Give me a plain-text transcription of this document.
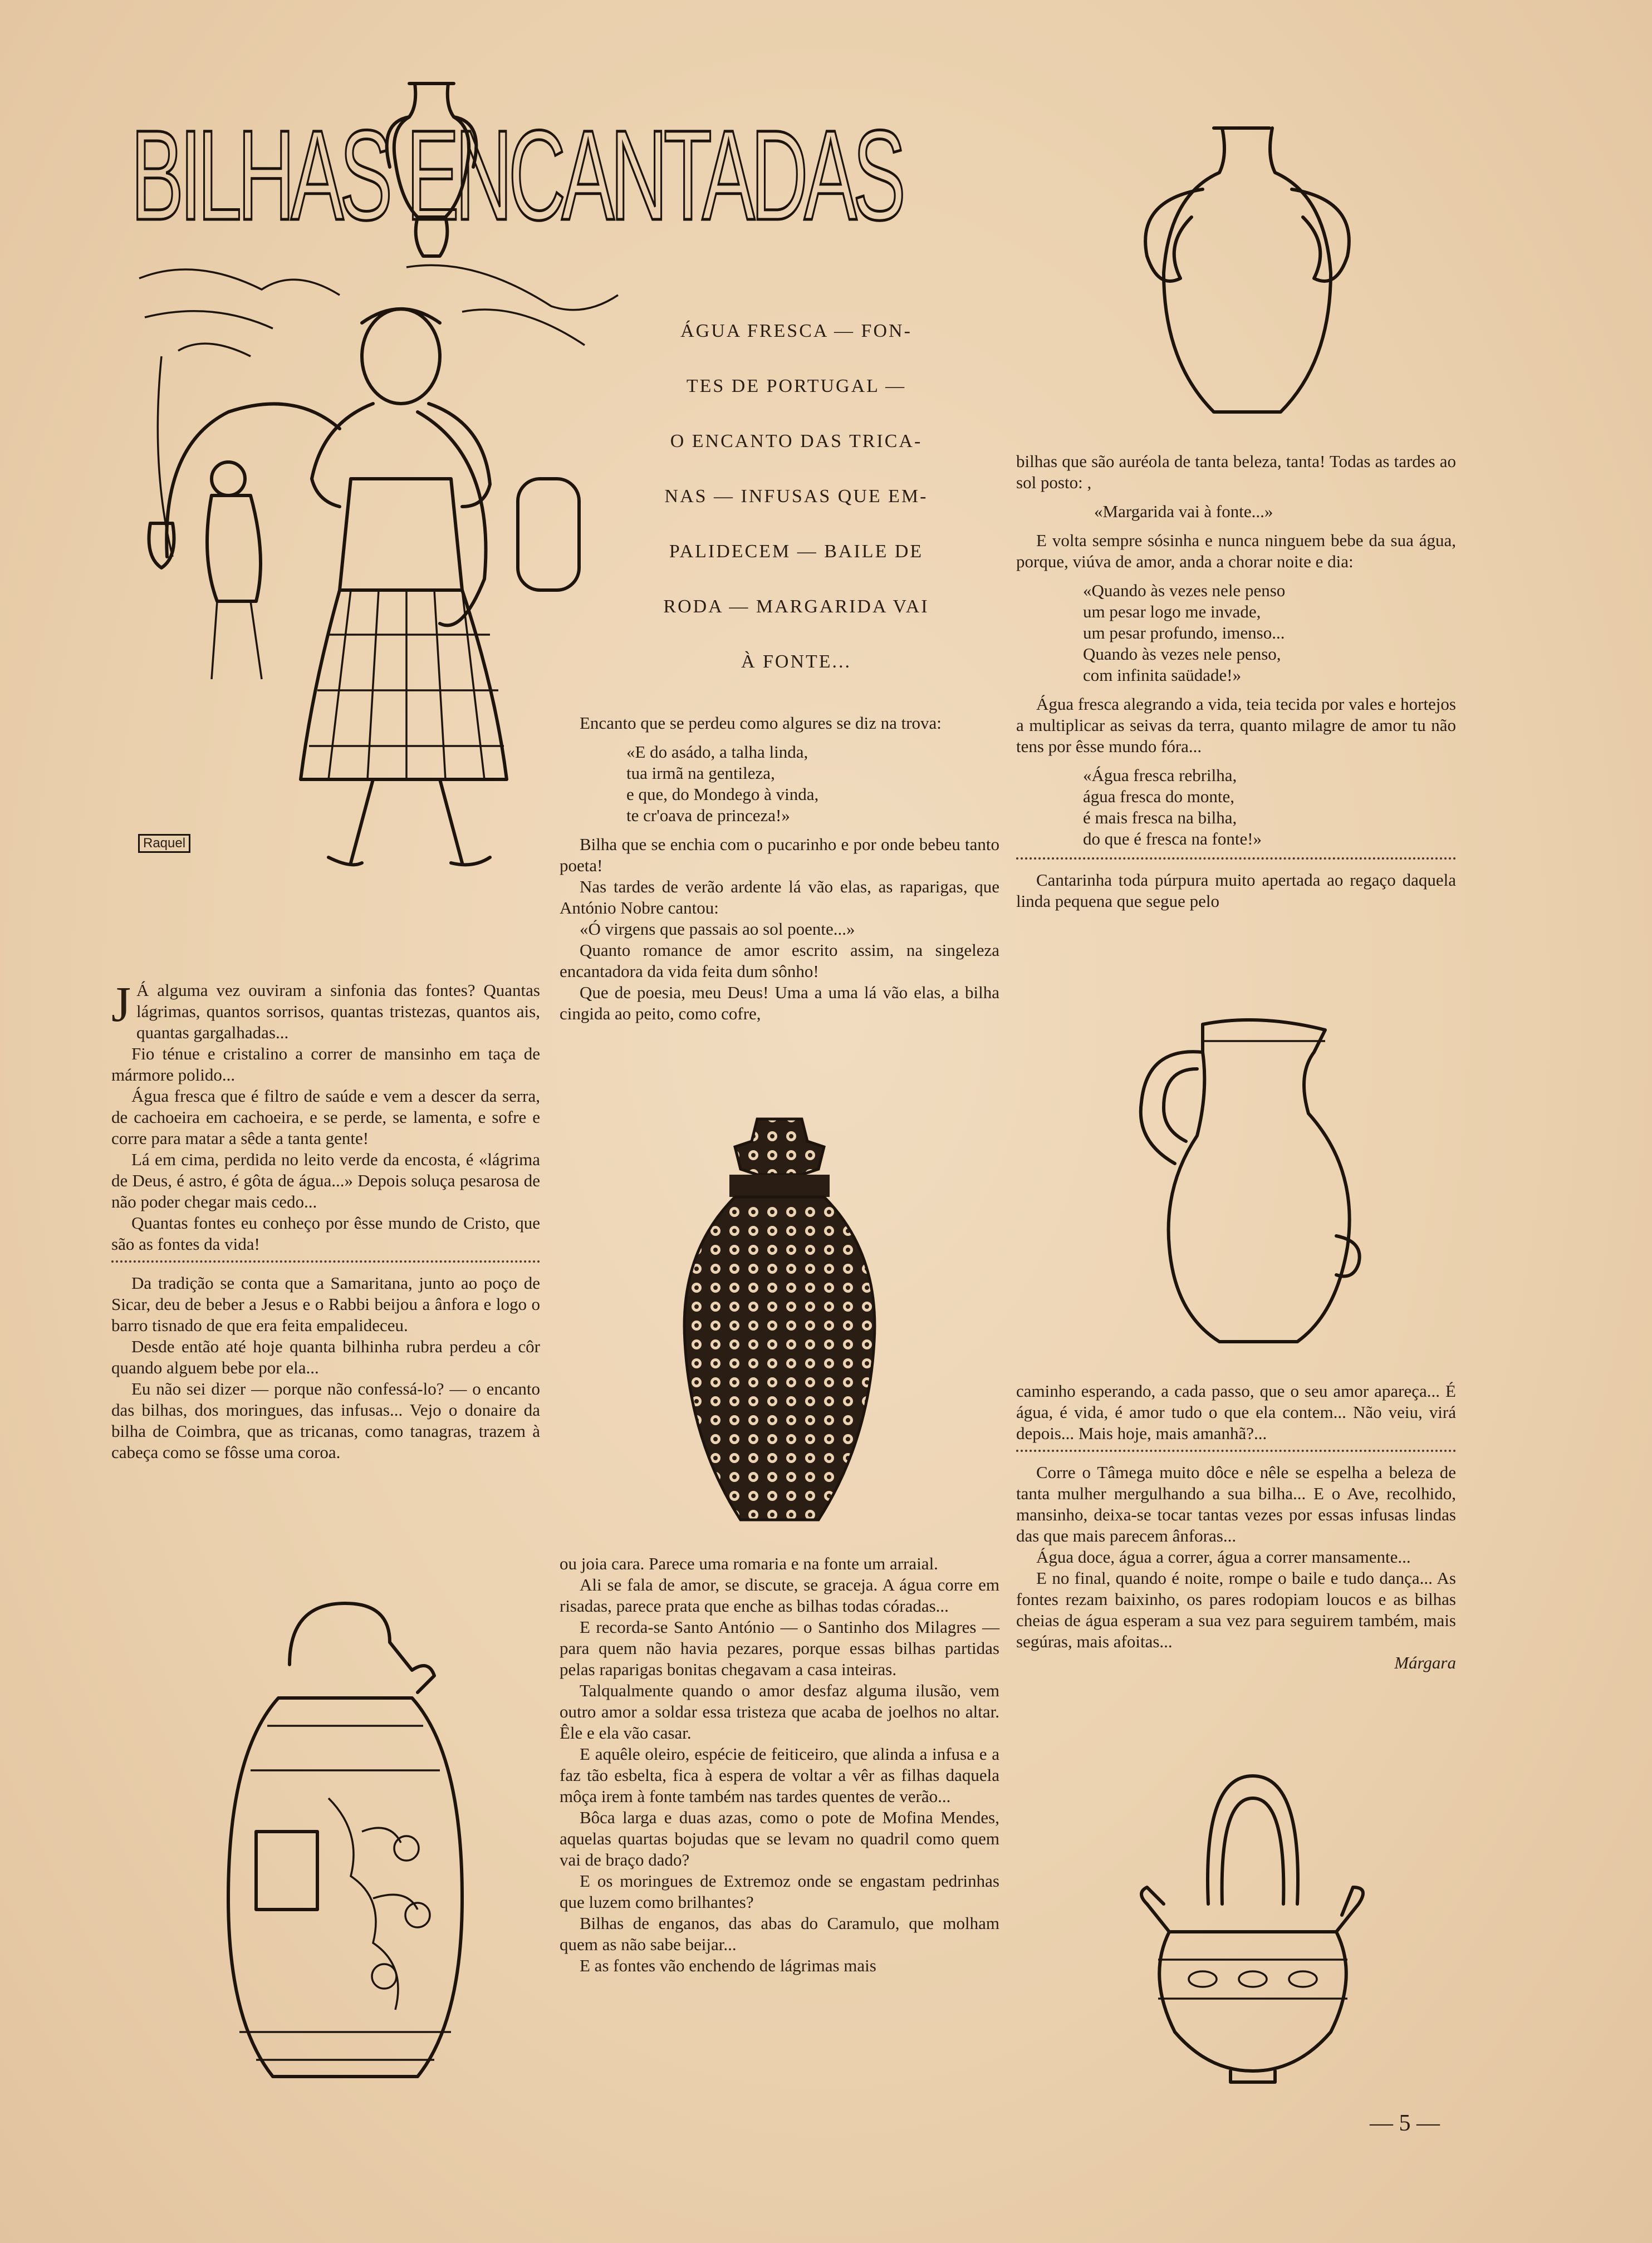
BILHAS ENCANTADAS
Raquel
ÁGUA FRESCA — FON-
TES DE PORTUGAL —
O ENCANTO DAS TRICA-
NAS — INFUSAS QUE EM-
PALIDECEM — BAILE DE
RODA — MARGARIDA VAI
À FONTE...

J Á alguma vez ouviram a sinfonia das fontes? Quantas lágrimas, quantos sorrisos, quantas tristezas, quantos ais, quantas gargalhadas...

Fio ténue e cristalino a correr de mansinho em taça de mármore polido...

Água fresca que é filtro de saúde e vem a descer da serra, de cachoeira em cachoeira, e se perde, se lamenta, e sofre e corre para matar a sêde a tanta gente!

Lá em cima, perdida no leito verde da encosta, é «lágrima de Deus, é astro, é gôta de água...» Depois soluça pesarosa de não poder chegar mais cedo...

Quantas fontes eu conheço por êsse mundo de Cristo, que são as fontes da vida!

Da tradição se conta que a Samaritana, junto ao poço de Sicar, deu de beber a Jesus e o Rabbi beijou a ânfora e logo o barro tisnado de que era feita empalideceu.

Desde então até hoje quanta bilhinha rubra perdeu a côr quando alguem bebe por ela...

Eu não sei dizer — porque não confessá-lo? — o encanto das bilhas, dos moringues, das infusas... Vejo o donaire da bilha de Coimbra, que as tricanas, como tanagras, trazem à cabeça como se fôsse uma coroa.

Encanto que se perdeu como algures se diz na trova:

«E do asádo, a talha linda,
tua irmã na gentileza,
e que, do Mondego à vinda,
te cr'oava de princeza!»

Bilha que se enchia com o pucarinho e por onde bebeu tanto poeta!

Nas tardes de verão ardente lá vão elas, as raparigas, que António Nobre cantou:

«Ó virgens que passais ao sol poente...»

Quanto romance de amor escrito assim, na singeleza encantadora da vida feita dum sônho!

Que de poesia, meu Deus! Uma a uma lá vão elas, a bilha cingida ao peito, como cofre,

ou joia cara. Parece uma romaria e na fonte um arraial.

Ali se fala de amor, se discute, se graceja. A água corre em risadas, parece prata que enche as bilhas todas córadas...

E recorda-se Santo António — o Santinho dos Milagres — para quem não havia pezares, porque essas bilhas partidas pelas raparigas bonitas chegavam a casa inteiras.

Talqualmente quando o amor desfaz alguma ilusão, vem outro amor a soldar essa tristeza que acaba de joelhos no altar. Êle e ela vão casar.

E aquêle oleiro, espécie de feiticeiro, que alinda a infusa e a faz tão esbelta, fica à espera de voltar a vêr as filhas daquela môça irem à fonte também nas tardes quentes de verão...

Bôca larga e duas azas, como o pote de Mofina Mendes, aquelas quartas bojudas que se levam no quadril como quem vai de braço dado?

E os moringues de Extremoz onde se engastam pedrinhas que luzem como brilhantes?

Bilhas de enganos, das abas do Caramulo, que molham quem as não sabe beijar...

E as fontes vão enchendo de lágrimas mais

bilhas que são auréola de tanta beleza, tanta! Todas as tardes ao sol posto: ,

«Margarida vai à fonte...»

E volta sempre sósinha e nunca ninguem bebe da sua água, porque, viúva de amor, anda a chorar noite e dia:

«Quando às vezes nele penso
um pesar logo me invade,
um pesar profundo, imenso...
Quando às vezes nele penso,
com infinita saüdade!»

Água fresca alegrando a vida, teia tecida por vales e hortejos a multiplicar as seivas da terra, quanto milagre de amor tu não tens por êsse mundo fóra...

«Água fresca rebrilha,
água fresca do monte,
é mais fresca na bilha,
do que é fresca na fonte!»

Cantarinha toda púrpura muito apertada ao regaço daquela linda pequena que segue pelo

caminho esperando, a cada passo, que o seu amor apareça... É água, é vida, é amor tudo o que ela contem... Não veiu, virá depois... Mais hoje, mais amanhã?...

Corre o Tâmega muito dôce e nêle se espelha a beleza de tanta mulher mergulhando a sua bilha... E o Ave, recolhido, mansinho, deixa-se tocar tantas vezes por essas infusas lindas das que mais parecem ânforas...

Água doce, água a correr, água a correr mansamente...

E no final, quando é noite, rompe o baile e tudo dança... As fontes rezam baixinho, os pares rodopiam loucos e as bilhas cheias de água esperam a sua vez para seguirem também, mais segúras, mais afoitas...

Márgara

— 5 —
